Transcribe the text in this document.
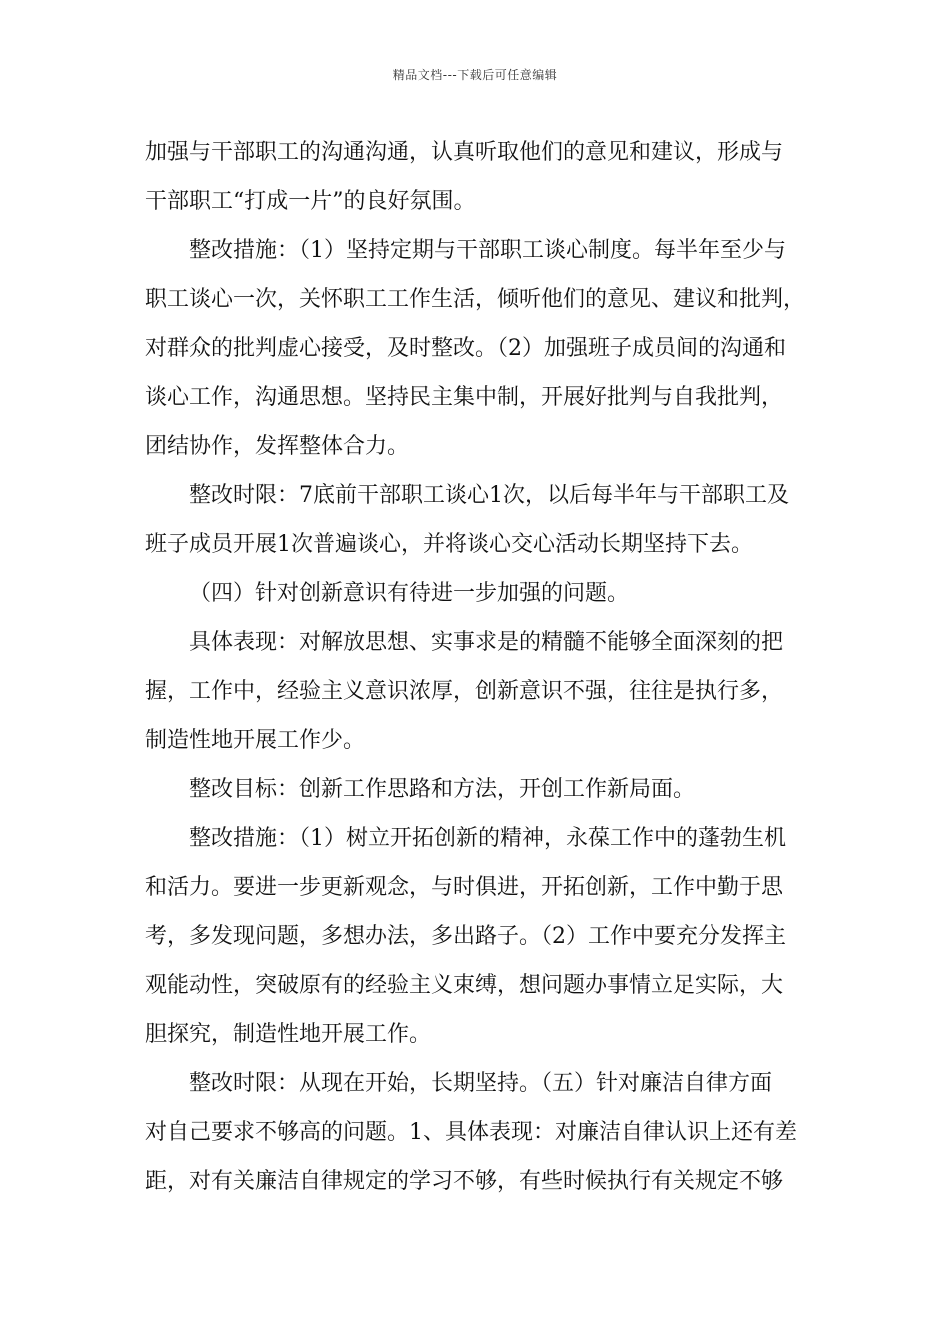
精品文档---下载后可任意编辑

加强与干部职工的沟通沟通，认真听取他们的意见和建议，形成与
干部职工“打成一片”的良好氛围。

整改措施：（1）坚持定期与干部职工谈心制度。每半年至少与
职工谈心一次，关怀职工工作生活，倾听他们的意见、建议和批判，
对群众的批判虚心接受，及时整改。（2）加强班子成员间的沟通和
谈心工作，沟通思想。坚持民主集中制，开展好批判与自我批判，
团结协作，发挥整体合力。

整改时限：7底前干部职工谈心1次，以后每半年与干部职工及
班子成员开展1次普遍谈心，并将谈心交心活动长期坚持下去。

（四）针对创新意识有待进一步加强的问题。

具体表现：对解放思想、实事求是的精髓不能够全面深刻的把
握，工作中，经验主义意识浓厚，创新意识不强，往往是执行多，
制造性地开展工作少。

整改目标：创新工作思路和方法，开创工作新局面。

整改措施：（1）树立开拓创新的精神，永葆工作中的蓬勃生机
和活力。要进一步更新观念，与时俱进，开拓创新，工作中勤于思
考，多发现问题，多想办法，多出路子。（2）工作中要充分发挥主
观能动性，突破原有的经验主义束缚，想问题办事情立足实际，大
胆探究，制造性地开展工作。

整改时限：从现在开始，长期坚持。（五）针对廉洁自律方面
对自己要求不够高的问题。1、具体表现：对廉洁自律认识上还有差
距，对有关廉洁自律规定的学习不够，有些时候执行有关规定不够
